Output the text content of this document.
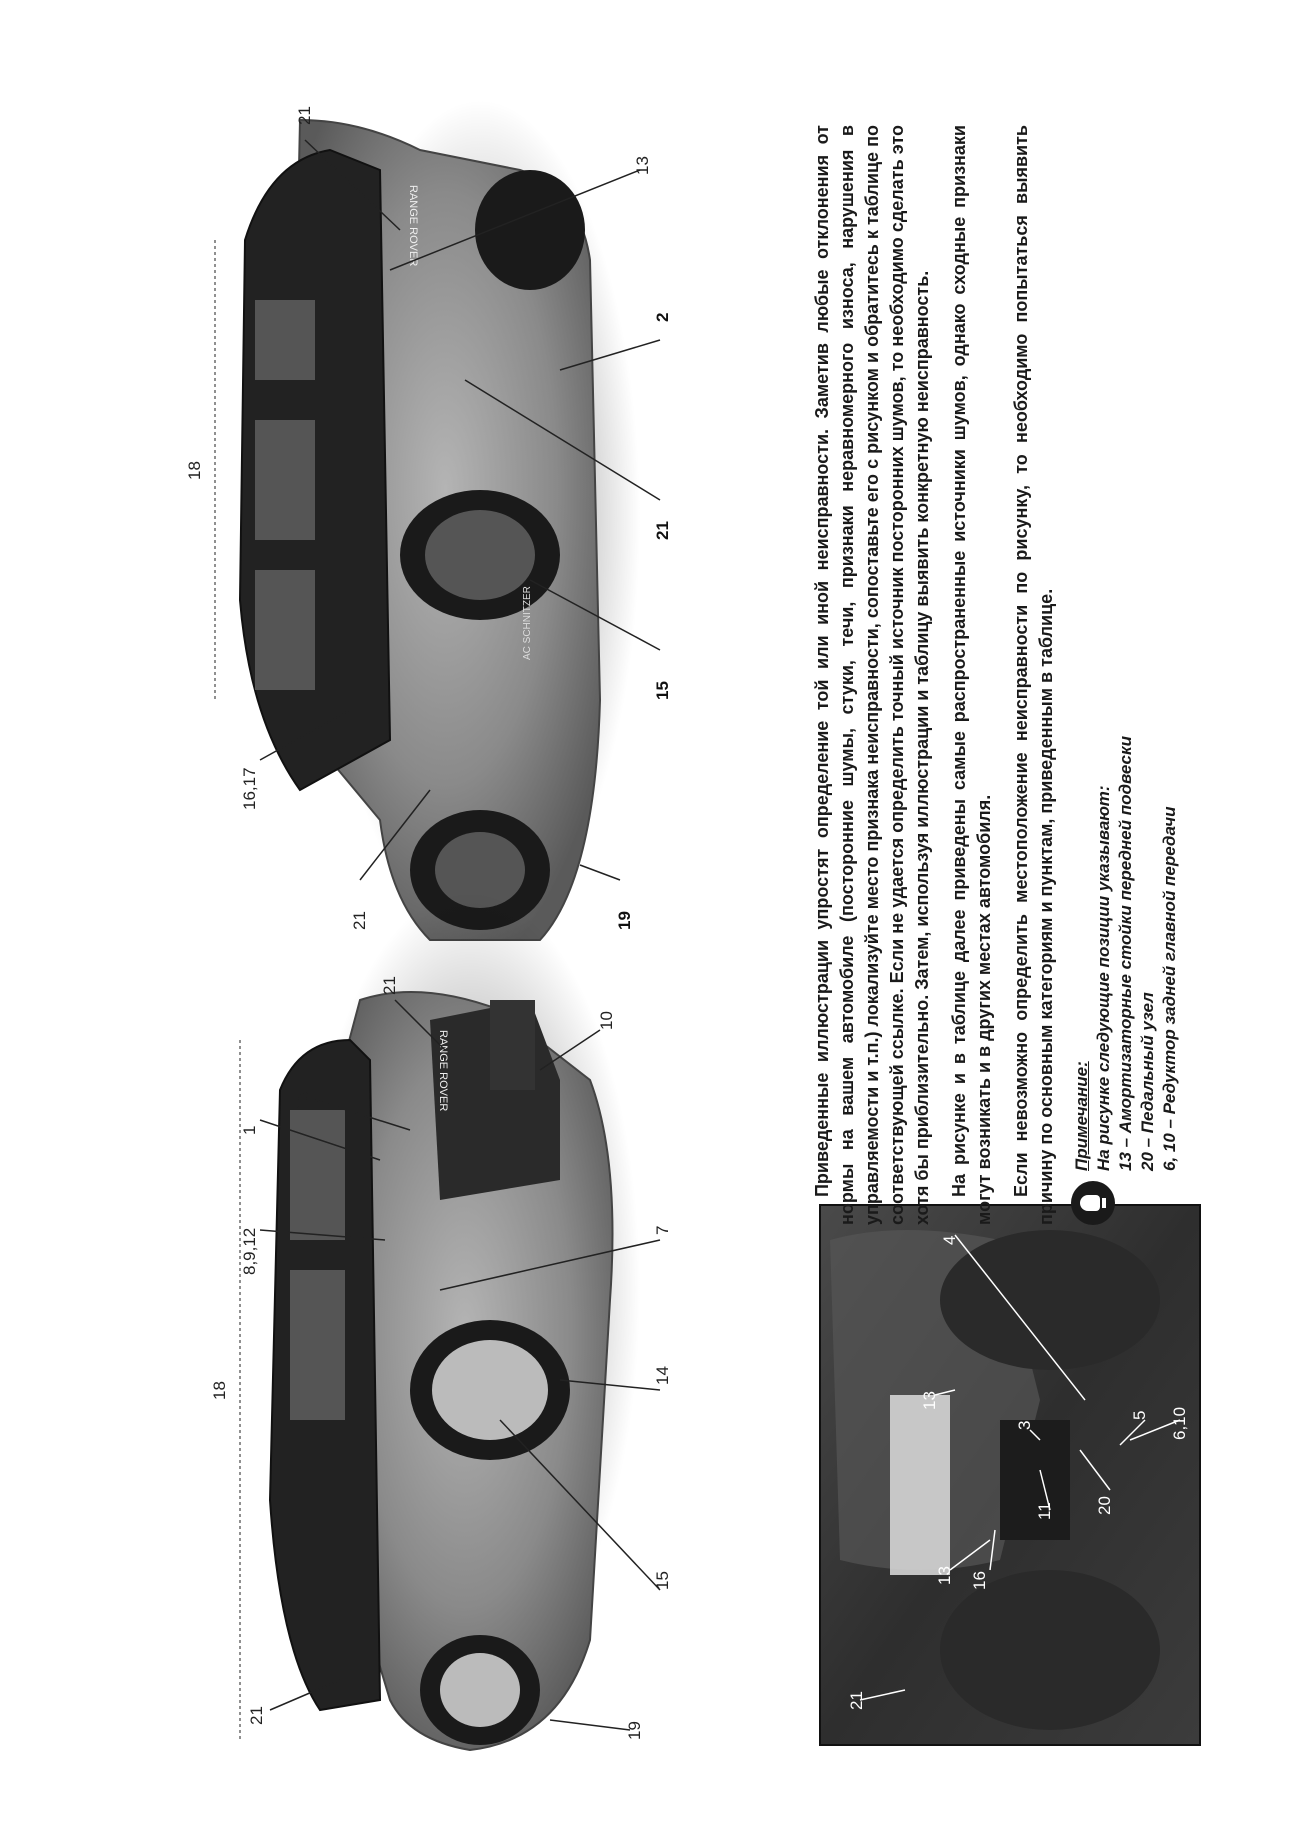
RANGE ROVER
AC SCHNITZER
21
13
2
21
18
15
16,17
21	19
RANGE ROVER
21
10
13
1
8,9,12	7
18
14
15
21
19
4
13
5
3	6,10
20
11
13 16
21

Приведенные иллюстрации упростят определение той или иной неисправности. Заметив любые отклонения от нормы на вашем автомобиле (посторонние шумы, стуки, течи, признаки неравномерного износа, нарушения в управляемости и т.п.) локализуйте место признака неисправности, сопоставьте его с рисунком и обратитесь к таблице по соответствующей ссылке. Если не удается определить точный источник посторонних шумов, то необходимо сделать это хотя бы приблизительно. Затем, используя иллюстрации и таблицу выявить конкретную неисправность. На рисунке и в таблице далее приведены самые распространенные источники шумов, однако сходные признаки могут возникать и в других местах автомобиля. Если невозможно определить местоположение неисправности по рисунку, то необходимо попытаться выявить причину по основным категориям и пунктам, приведенным в таблице. Примечание: На рисунке следующие позиции указывают: 13 – Амортизаторные стойки передней подвески 20 – Педальный узел 6, 10 – Редуктор задней главной передачи
